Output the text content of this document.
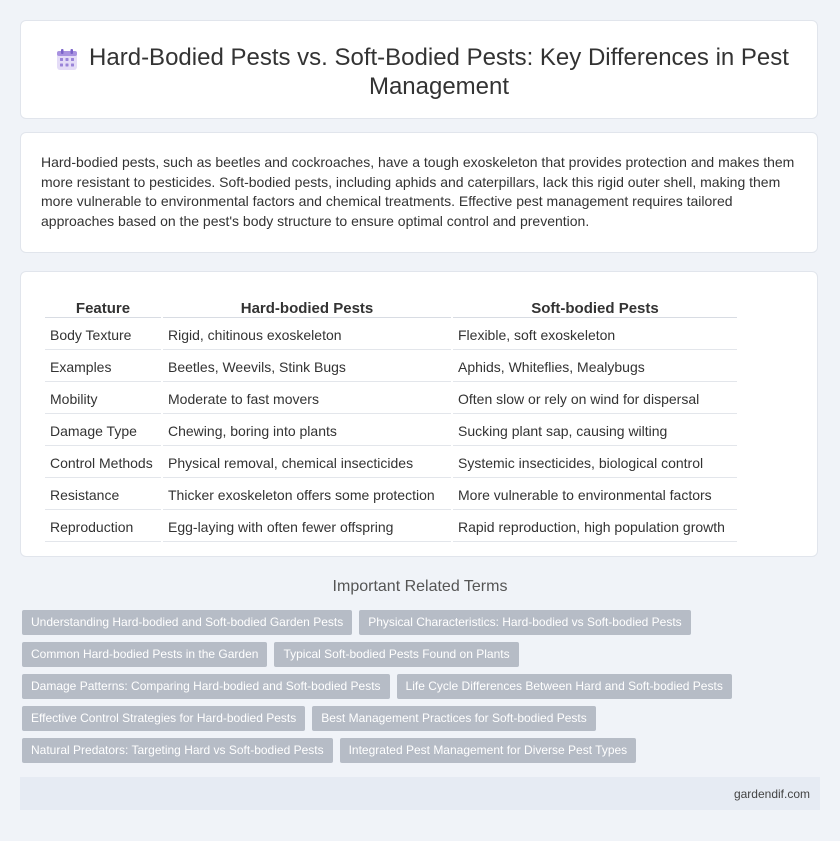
Hard-Bodied Pests vs. Soft-Bodied Pests: Key Differences in Pest Management

Hard-bodied pests, such as beetles and cockroaches, have a tough exoskeleton that provides protection and makes them more resistant to pesticides. Soft-bodied pests, including aphids and caterpillars, lack this rigid outer shell, making them more vulnerable to environmental factors and chemical treatments. Effective pest management requires tailored approaches based on the pest's body structure to ensure optimal control and prevention.

Feature	Hard-bodied Pests	Soft-bodied Pests
Body Texture	Rigid, chitinous exoskeleton	Flexible, soft exoskeleton
Examples	Beetles, Weevils, Stink Bugs	Aphids, Whiteflies, Mealybugs
Mobility	Moderate to fast movers	Often slow or rely on wind for dispersal
Damage Type	Chewing, boring into plants	Sucking plant sap, causing wilting
Control Methods	Physical removal, chemical insecticides	Systemic insecticides, biological control
Resistance	Thicker exoskeleton offers some protection	More vulnerable to environmental factors
Reproduction	Egg-laying with often fewer offspring	Rapid reproduction, high population growth
Important Related Terms
Understanding Hard-bodied and Soft-bodied Garden Pests	Physical Characteristics: Hard-bodied vs Soft-bodied Pests
Common Hard-bodied Pests in the Garden	Typical Soft-bodied Pests Found on Plants
Damage Patterns: Comparing Hard-bodied and Soft-bodied Pests	Life Cycle Differences Between Hard and Soft-bodied Pests
Effective Control Strategies for Hard-bodied Pests	Best Management Practices for Soft-bodied Pests
Natural Predators: Targeting Hard vs Soft-bodied Pests	Integrated Pest Management for Diverse Pest Types
gardendif.com
